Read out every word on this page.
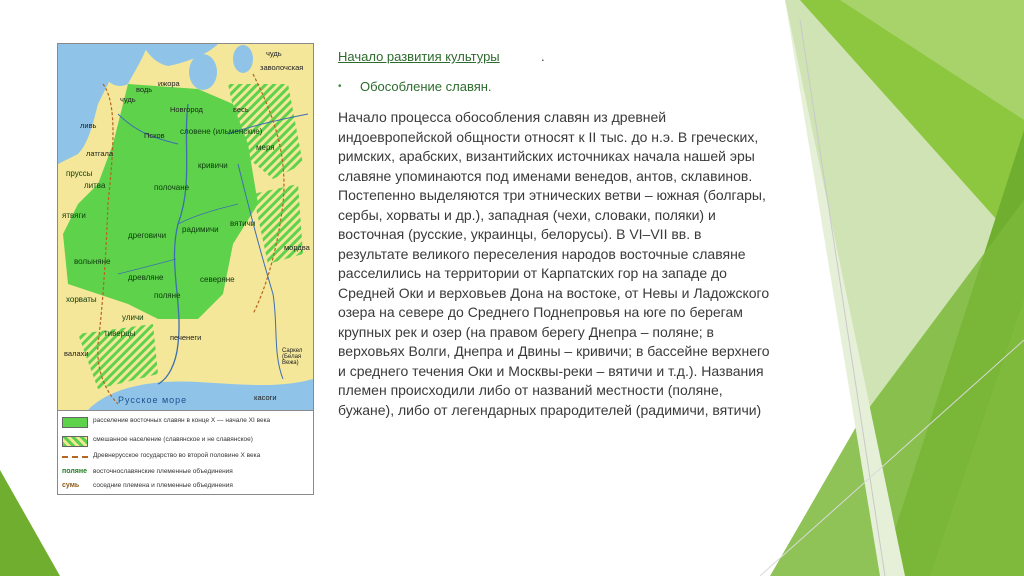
чудь
заволочская
чудь
водь
ижора
весь
меря
ливь
латгала
пруссы
литва
ятвяги
Псков
Новгород
словене (ильменские)
кривичи
полочане
дреговичи
радимичи
вятичи
древляне
поляне
северяне
волыняне
хорваты
тиверцы
уличи
печенеги
валахи
касоги
мордва
Саркел (Белая Вежа)
Русское море
расселение восточных славян в конце X — начале XI века
смешанное население (славянское и не славянское)
Древнерусское государство во второй половине X века
поляне восточнославянские племенные объединения
сумь	соседние племена и племенные объединения
Начало развития культуры	.
•	Обособление славян.

Начало процесса обособления славян из древней индоевропейской общности относят к II тыс. до н.э. В греческих, римских, арабских, византийских источниках начала нашей эры славяне упоминаются под именами венедов, антов, склавинов. Постепенно выделяются три этнических ветви – южная (болгары, сербы, хорваты и др.), западная (чехи, словаки, поляки) и восточная (русские, украинцы, белорусы). В VI–VII вв. в результате великого переселения народов восточные славяне расселились на территории от Карпатских гор на западе до Средней Оки и верховьев Дона на востоке, от Невы и Ладожского озера на севере до Среднего Поднепровья на юге по берегам крупных рек и озер (на правом берегу Днепра – поляне; в верховьях Волги, Днепра и Двины – кривичи; в бассейне верхнего и среднего течения Оки и Москвы-реки – вятичи и т.д.). Названия племен происходили либо от названий местности (поляне, бужане), либо от легендарных прародителей (радимичи, вятичи)
